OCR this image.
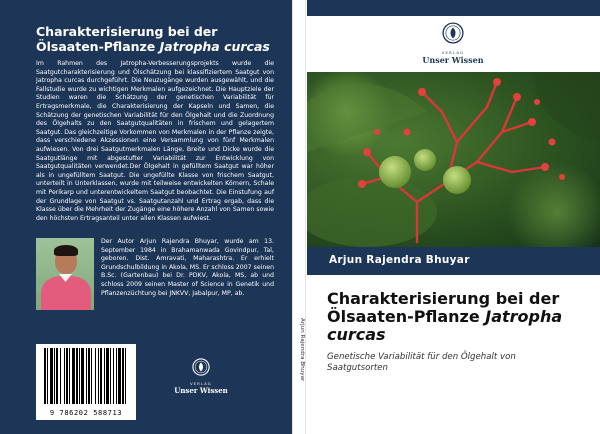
Charakterisierung bei der
Ölsaaten-Pflanze Jatropha curcas
Im Rahmen des Jatropha-Verbesserungsprojekts wurde die Saatgutcharakterisierung und Ölschätzung bei klassifiziertem Saatgut von Jatropha curcas durchgeführt. Die Neuzugänge wurden ausgewählt, und die Fallstudie wurde zu wichtigen Merkmalen aufgezeichnet. Die Hauptziele der Studien waren die Schätzung der genetischen Variabilität für Ertragsmerkmale, die Charakterisierung der Kapseln und Samen, die Schätzung der genetischen Variabilität für den Ölgehalt und die Zuordnung des Ölgehalts zu den Saatgutqualitäten in frischem und gelagertem Saatgut. Das gleichzeitige Vorkommen von Merkmalen in der Pflanze zeigte, dass verschiedene Akzessionen eine Versammlung von fünf Merkmalen aufwiesen. Von drei Saatgutmerkmalen Länge, Breite und Dicke wurde die Saatgutlänge mit abgestufter Variabilität zur Entwicklung von Saatgutqualitäten verwendet.Der Ölgehalt in gefülltem Saatgut war höher als in ungefülltem Saatgut. Die ungefüllte Klasse von frischem Saatgut, unterteilt in Unterklassen, wurde mit teilweise entwickelten Körnern, Schale mit Perikarp und unterentwickeltem Saatgut beobachtet. Die Einstufung auf der Grundlage von Saatgut vs. Saatgutanzahl und Ertrag ergab, dass die Klasse über die Mehrheit der Zugänge eine höhere Anzahl von Samen sowie den höchsten Ertragsanteil unter allen Klassen aufwiest.
Der Autor Arjun Rajendra Bhuyar, wurde am 13. September 1984 in Brahamanwada Govindpur, Tal, geboren. Dist. Amravati, Maharashtra. Er erhielt Grundschulbildung in Akola, MS. Er schloss 2007 seinen B.Sc. (Gartenbau) bei Dr. PDKV, Akola, MS, ab und schloss 2009 seinen Master of Science in Genetik und Pflanzenzüchtung bei JNKVV, Jabalpur, MP, ab.
9 786202 588713
VERLAG
Unser Wissen
Arjun Rajendra Bhuyar
VERLAG
Unser Wissen
Arjun Rajendra Bhuyar
Charakterisierung bei der
Ölsaaten-Pflanze Jatropha
curcas
Genetische Variabilität für den Ölgehalt von Saatgutsorten
